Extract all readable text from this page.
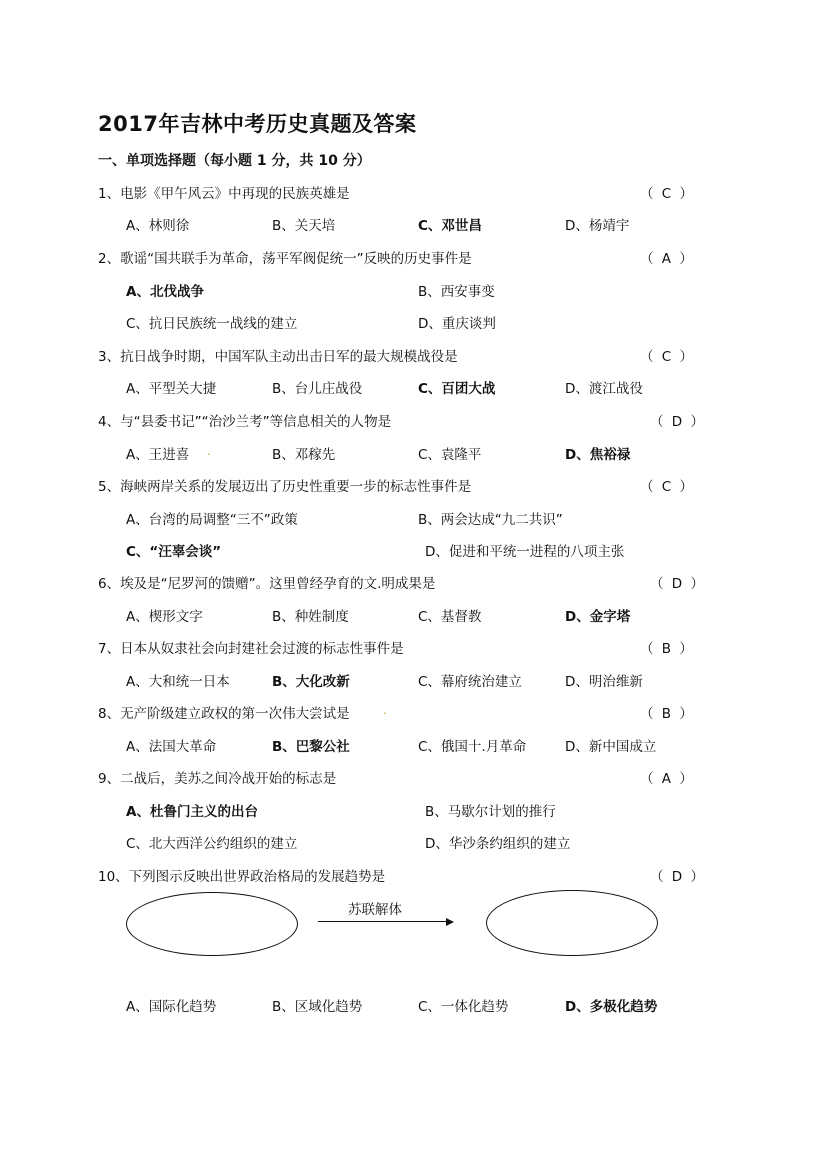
2017年吉林中考历史真题及答案
一、单项选择题（每小题 1 分，共 10 分）
1、电影《甲午风云》中再现的民族英雄是	（ C ）
A、林则徐	B、关天培	C、邓世昌	D、杨靖宇
2、歌谣“国共联手为革命，荡平军阀促统一”反映的历史事件是	（ A ）
A、北伐战争	B、西安事变
C、抗日民族统一战线的建立	D、重庆谈判
3、抗日战争时期，中国军队主动出击日军的最大规模战役是	（ C ）
A、平型关大捷	B、台儿庄战役	C、百团大战	D、渡江战役
4、与“县委书记”“治沙兰考”等信息相关的人物是	（ D ）
A、王进喜 .	B、邓稼先	C、袁隆平	D、焦裕禄
5、海峡两岸关系的发展迈出了历史性重要一步的标志性事件是	（ C ）
A、台湾的局调整“三不”政策	B、两会达成“九二共识”
C、“汪辜会谈”	D、促进和平统一进程的八项主张
6、埃及是“尼罗河的馈赠”。这里曾经孕育的文.明成果是	（ D ）
A、楔形文字	B、种姓制度	C、基督教	D、金字塔
7、日本从奴隶社会向封建社会过渡的标志性事件是	（ B ）
A、大和统一日本	B、大化改新	C、幕府统治建立	D、明治维新
8、无产阶级建立政权的第一次伟大尝试是	.	（ B ）
A、法国大革命	B、巴黎公社	C、俄国十.月革命	D、新中国成立
9、二战后，美苏之间冷战开始的标志是	（ A ）
A、杜鲁门主义的出台	B、马歇尔计划的推行
C、北大西洋公约组织的建立	D、华沙条约组织的建立
10、下列图示反映出世界政治格局的发展趋势是	（ D ）
苏联解体
A、国际化趋势	B、区域化趋势	C、一体化趋势	D、多极化趋势
